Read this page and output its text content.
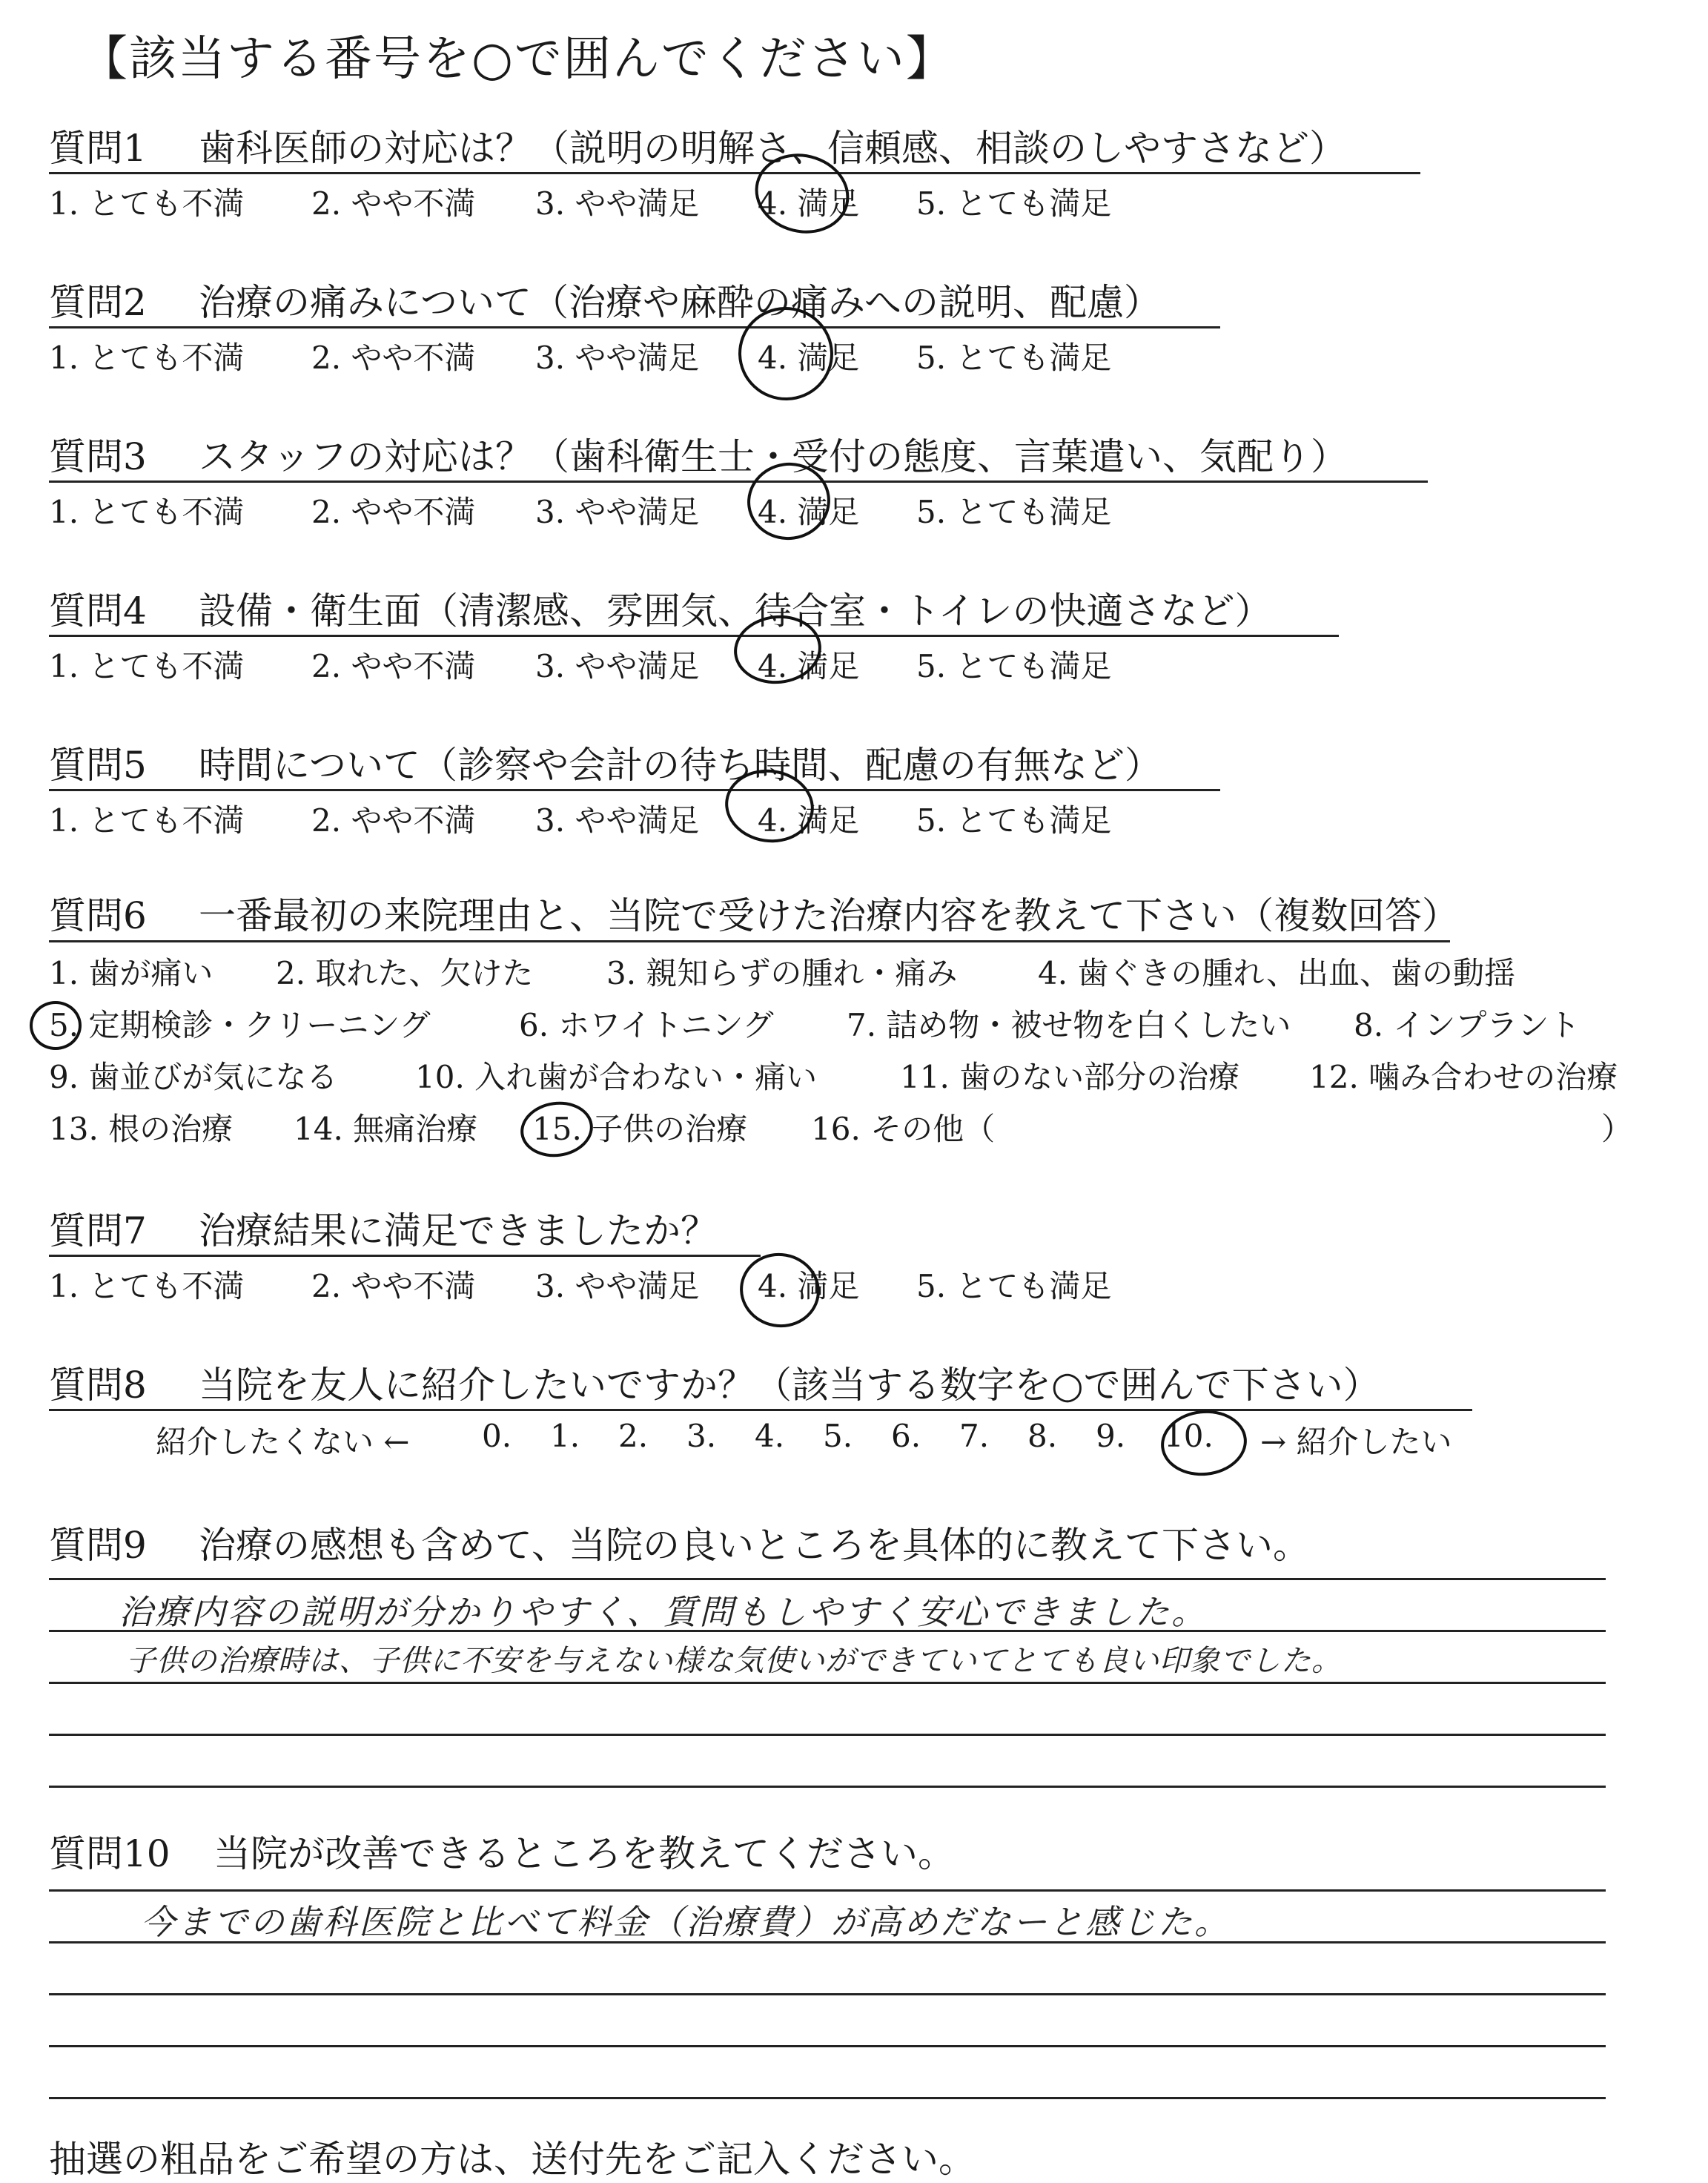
【該当する番号を○で囲んでください】
質問1 歯科医師の対応は？（説明の明解さ、信頼感、相談のしやすさなど）
1. とても不満 2. やや不満 3. やや満足 4. 満足 5. とても満足
質問2 治療の痛みについて（治療や麻酔の痛みへの説明、配慮）
1. とても不満 2. やや不満 3. やや満足 4. 満足 5. とても満足
質問3 スタッフの対応は？（歯科衛生士・受付の態度、言葉遣い、気配り）
1. とても不満 2. やや不満 3. やや満足 4. 満足 5. とても満足
質問4 設備・衛生面（清潔感、雰囲気、待合室・トイレの快適さなど）
1. とても不満 2. やや不満 3. やや満足 4. 満足 5. とても満足
質問5 時間について（診察や会計の待ち時間、配慮の有無など）
1. とても不満 2. やや不満 3. やや満足 4. 満足 5. とても満足
質問6 一番最初の来院理由と、当院で受けた治療内容を教えて下さい（複数回答）
1. 歯が痛い 2. 取れた、欠けた 3. 親知らずの腫れ・痛み	4. 歯ぐきの腫れ、出血、歯の動揺
5. 定期検診・クリーニング	6. ホワイトニング 7. 詰め物・被せ物を白くしたい 8. インプラント
9. 歯並びが気になる 10. 入れ歯が合わない・痛い	11. 歯のない部分の治療 12. 噛み合わせの治療
13. 根の治療 14. 無痛治療 15. 子供の治療 16. その他（	）
質問7 治療結果に満足できましたか？
1. とても不満 2. やや不満 3. やや満足 4. 満足 5. とても満足
質問8 当院を友人に紹介したいですか？（該当する数字を○で囲んで下さい）
紹介したくない ← 0. 1. 2. 3. 4. 5. 6. 7. 8. 9. 10. → 紹介したい
質問9 治療の感想も含めて、当院の良いところを具体的に教えて下さい。
治療内容の説明が分かりやすく、質問もしやすく安心できました。
子供の治療時は、子供に不安を与えない様な気使いができていてとても良い印象でした。
質問10 当院が改善できるところを教えてください。
今までの歯科医院と比べて料金（治療費）が高めだなーと感じた。
抽選の粗品をご希望の方は、送付先をご記入ください。
